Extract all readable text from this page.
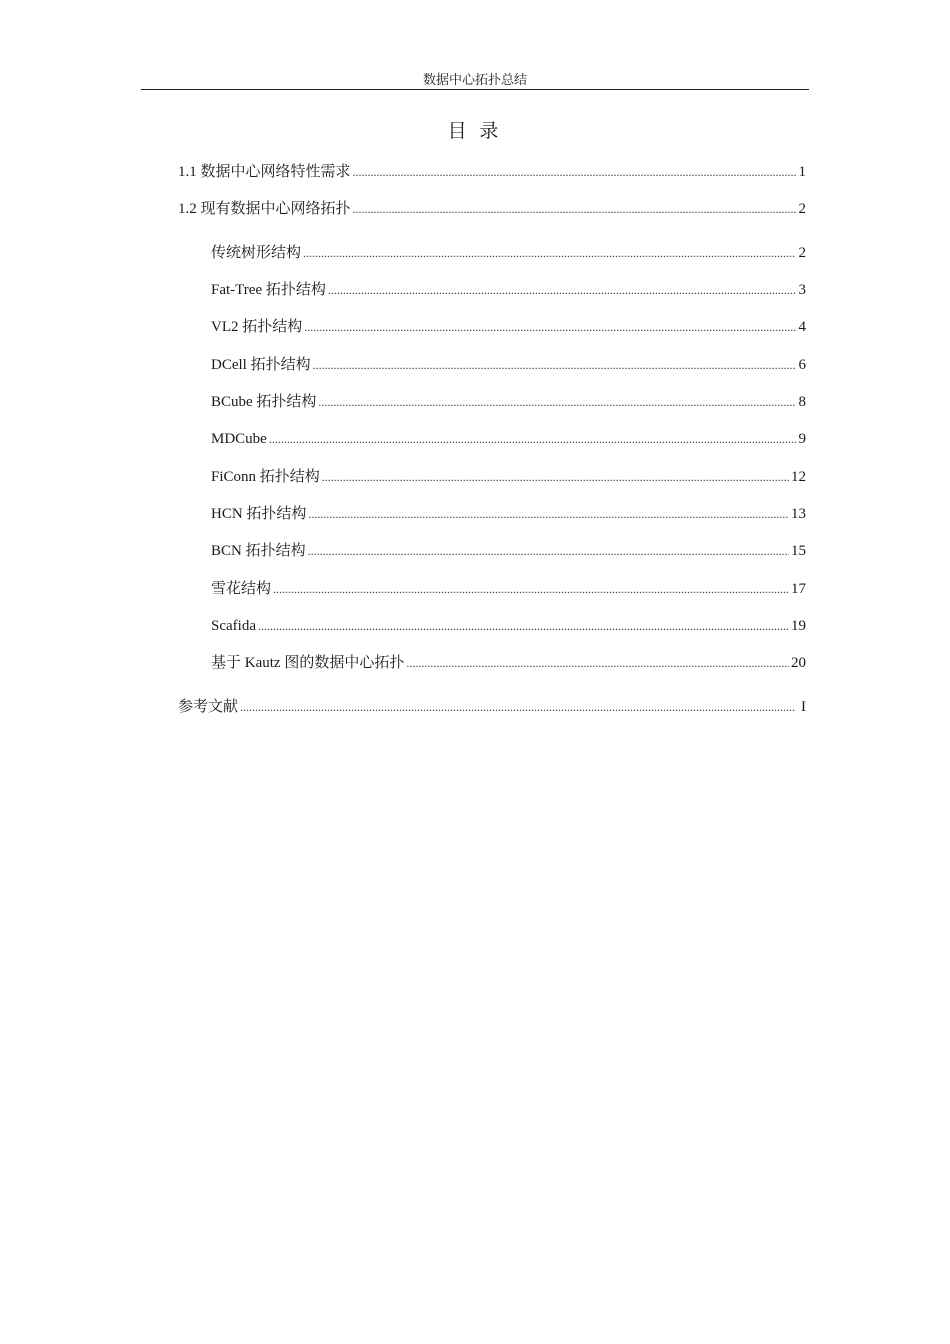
数据中心拓扑总结
目 录
1.1 数据中心网络特性需求 .....	1
1.2 现有数据中心网络拓扑 .....	2
传统树形结构 .....	2
Fat-Tree 拓扑结构 .....	3
VL2 拓扑结构 .....	4
DCell 拓扑结构 .....	6
BCube 拓扑结构 .....	8
MDCube .....	9
FiConn 拓扑结构 .....	12
HCN 拓扑结构 .....	13
BCN 拓扑结构 .....	15
雪花结构 .....	17
Scafida .....	19
基于 Kautz 图的数据中心拓扑 .....	20
参考文献 .....	I
